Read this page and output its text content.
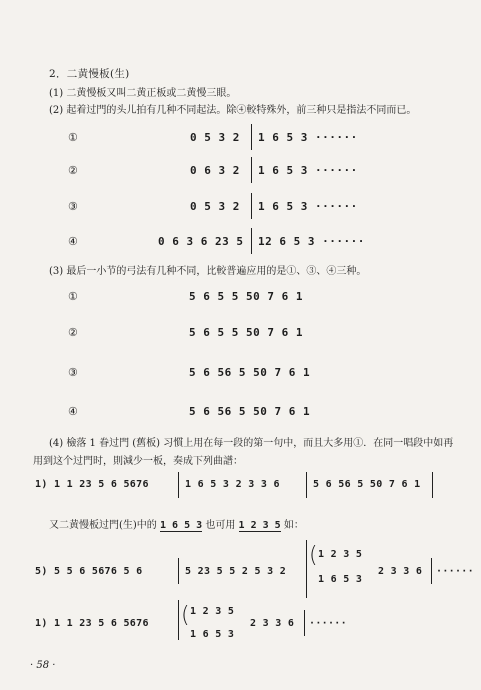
2．二黄慢板(生)
(1) 二黄慢板又叫二黄正板或二黄慢三眼。
(2) 起着过門的头儿拍有几种不同起法。除④較特殊外，前三种只是指法不同而已。
①	0 5 3 2 1 6 5 3 ······
②	0 6 3 2 1 6 5 3 ······
③	0 5 3 2 1 6 5 3 ······
④	0 6 3 6 23 5 12 6 5 3 ······
(3) 最后一小节的弓法有几种不同，比較普遍应用的是①、③、④三种。
①	5 6 5 5 50 7 6 1
②	5 6 5 5 50 7 6 1
③	5 6 56 5 50 7 6 1
④	5 6 56 5 50 7 6 1
(4) 檢落 1 眷过門 (舊板) 习慣上用在每一段的第一句中，而且大多用①．在同一唱段中如再
用到这个过門时，則減少一板，奏成下列曲譜：
1) 1 1 23 5 6 5676	1 6 5 3 2 3 3 6	5 6 56 5 50 7 6 1
又二黄慢板过門(生)中的 1 6 5 3 也可用 1 2 3 5 如：
5) 5 5 6 5676 5 6	5 23 5 5 2 5 3 2
( 1 2 3 5
1 6 5 3
2 3 3 6 ······
1) 1 1 23 5 6 5676 ( 1 2 3 5
1 6 5 3
2 3 3 6 ······
· 58 ·
